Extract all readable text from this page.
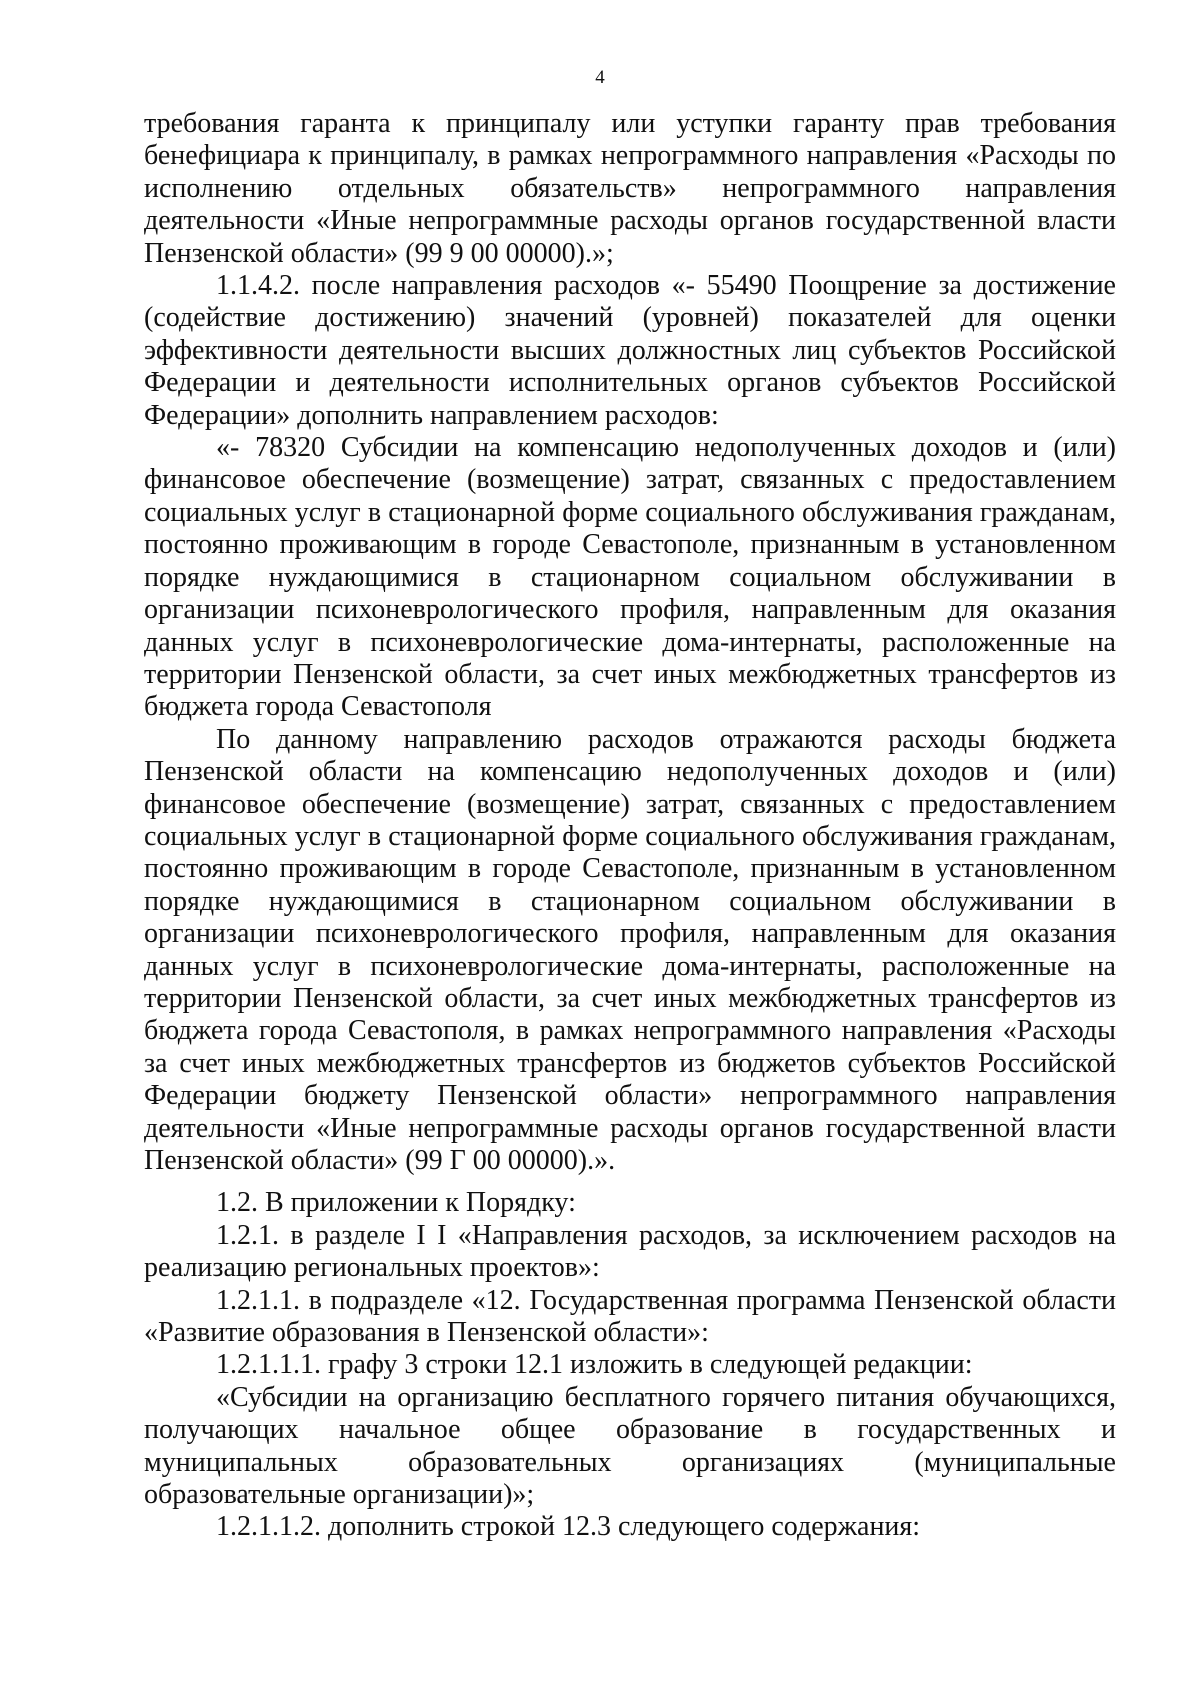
4

требования гаранта к принципалу или уступки гаранту прав требования бенефициара к принципалу, в рамках непрограммного направления «Расходы по исполнению отдельных обязательств» непрограммного направления деятельности «Иные непрограммные расходы органов государственной власти Пензенской области» (99 9 00 00000).»;

1.1.4.2. после направления расходов «- 55490 Поощрение за достижение (содействие достижению) значений (уровней) показателей для оценки эффективности деятельности высших должностных лиц субъектов Российской Федерации и деятельности исполнительных органов субъектов Российской Федерации» дополнить направлением расходов:

«- 78320 Субсидии на компенсацию недополученных доходов и (или) финансовое обеспечение (возмещение) затрат, связанных с предоставлением социальных услуг в стационарной форме социального обслуживания гражданам, постоянно проживающим в городе Севастополе, признанным в установленном порядке нуждающимися в стационарном социальном обслуживании в организации психоневрологического профиля, направленным для оказания данных услуг в психоневрологические дома-интернаты, расположенные на территории Пензенской области, за счет иных межбюджетных трансфертов из бюджета города Севастополя

По данному направлению расходов отражаются расходы бюджета Пензенской области на компенсацию недополученных доходов и (или) финансовое обеспечение (возмещение) затрат, связанных с предоставлением социальных услуг в стационарной форме социального обслуживания гражданам, постоянно проживающим в городе Севастополе, признанным в установленном порядке нуждающимися в стационарном социальном обслуживании в организации психоневрологического профиля, направленным для оказания данных услуг в психоневрологические дома-интернаты, расположенные на территории Пензенской области, за счет иных межбюджетных трансфертов из бюджета города Севастополя, в рамках непрограммного направления «Расходы за счет иных межбюджетных трансфертов из бюджетов субъектов Российской Федерации бюджету Пензенской области» непрограммного направления деятельности «Иные непрограммные расходы органов государственной власти Пензенской области» (99 Г 00 00000).».

1.2. В приложении к Порядку:

1.2.1. в разделе I I «Направления расходов, за исключением расходов на реализацию региональных проектов»:

1.2.1.1. в подразделе «12. Государственная программа Пензенской области «Развитие образования в Пензенской области»:

1.2.1.1.1. графу 3 строки 12.1 изложить в следующей редакции:

«Субсидии на организацию бесплатного горячего питания обучающихся, получающих начальное общее образование в государственных и муниципальных образовательных организациях (муниципальные образовательные организации)»;

1.2.1.1.2. дополнить строкой 12.3 следующего содержания:
